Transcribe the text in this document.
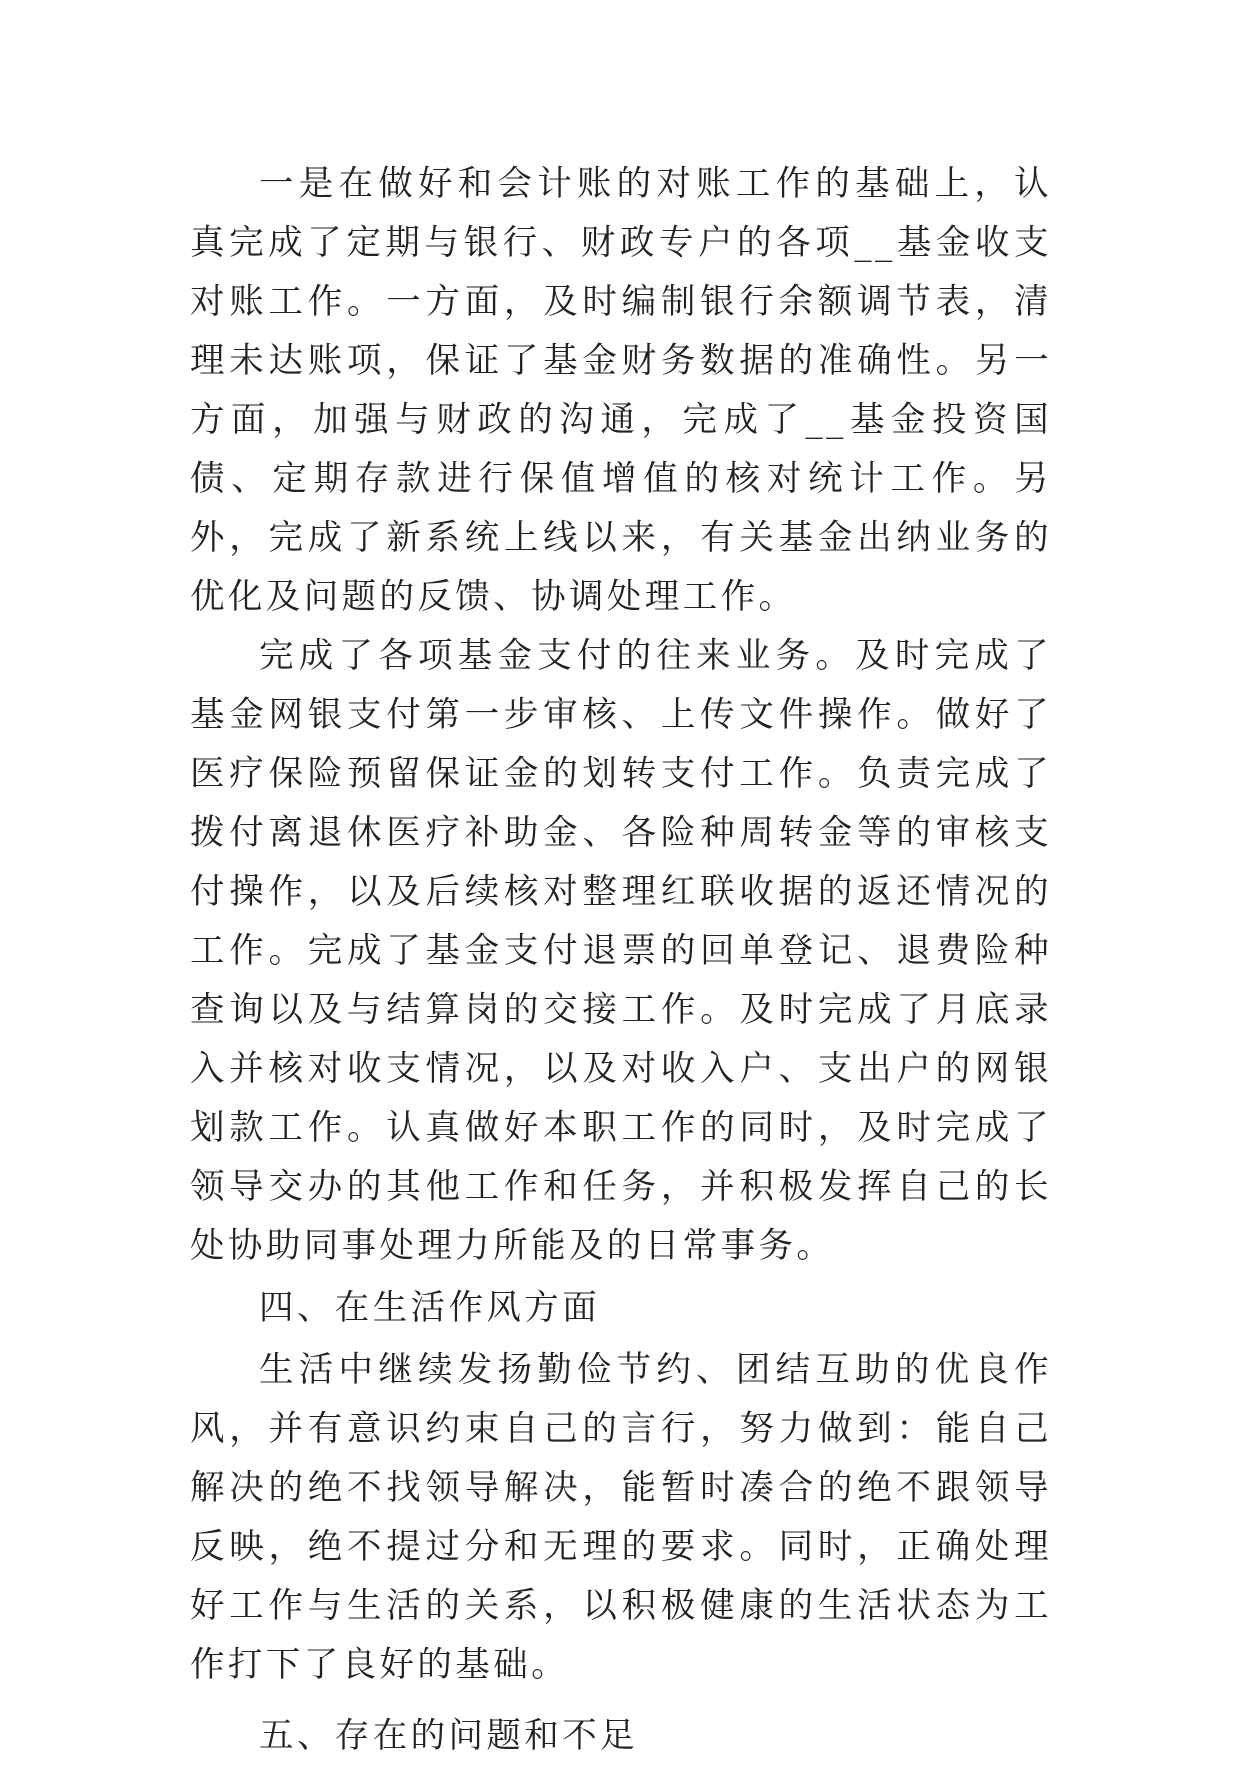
一是在做好和会计账的对账工作的基础上，认真完成了定期与银行、财政专户的各项__基金收支对账工作。一方面，及时编制银行余额调节表，清理未达账项，保证了基金财务数据的准确性。另一方面，加强与财政的沟通，完成了__基金投资国债、定期存款进行保值增值的核对统计工作。另外，完成了新系统上线以来，有关基金出纳业务的优化及问题的反馈、协调处理工作。

完成了各项基金支付的往来业务。及时完成了基金网银支付第一步审核、上传文件操作。做好了医疗保险预留保证金的划转支付工作。负责完成了拨付离退休医疗补助金、各险种周转金等的审核支付操作，以及后续核对整理红联收据的返还情况的工作。完成了基金支付退票的回单登记、退费险种查询以及与结算岗的交接工作。及时完成了月底录入并核对收支情况，以及对收入户、支出户的网银划款工作。认真做好本职工作的同时，及时完成了领导交办的其他工作和任务，并积极发挥自己的长处协助同事处理力所能及的日常事务。

四、在生活作风方面

生活中继续发扬勤俭节约、团结互助的优良作风，并有意识约束自己的言行，努力做到：能自己解决的绝不找领导解决，能暂时凑合的绝不跟领导反映，绝不提过分和无理的要求。同时，正确处理好工作与生活的关系，以积极健康的生活状态为工作打下了良好的基础。

五、存在的问题和不足
